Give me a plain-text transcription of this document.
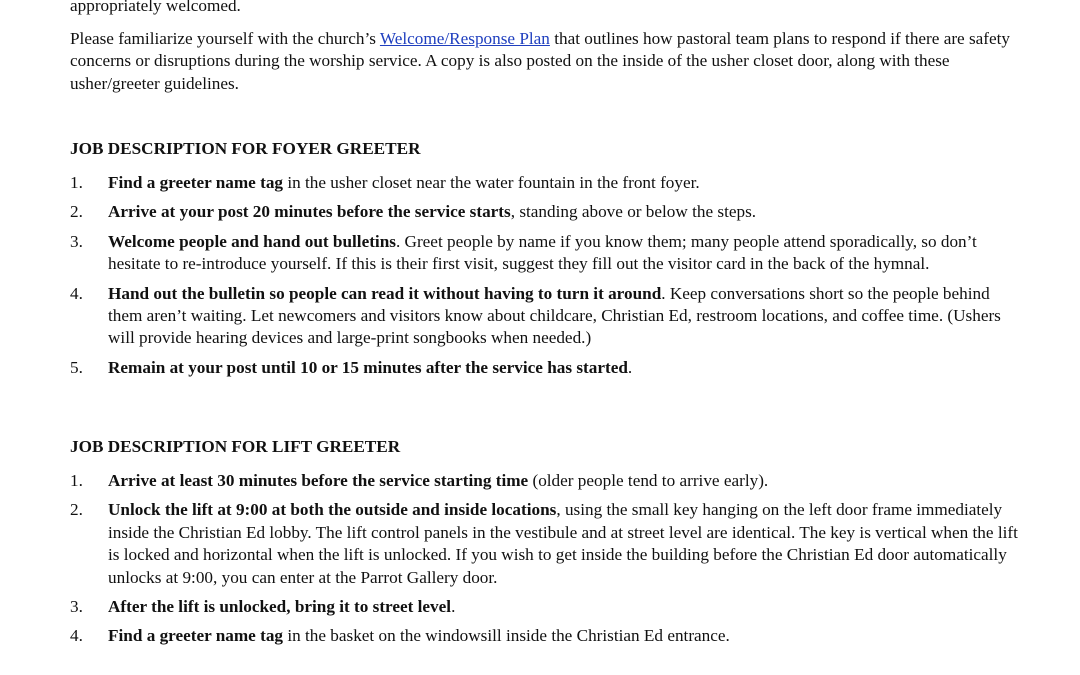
appropriately welcomed.

Please familiarize yourself with the church’s Welcome/Response Plan that outlines how pastoral team plans to respond if there are safety concerns or disruptions during the worship service. A copy is also posted on the inside of the usher closet door, along with these usher/greeter guidelines.

JOB DESCRIPTION FOR FOYER GREETER
1.	Find a greeter name tag in the usher closet near the water fountain in the front foyer.
2.	Arrive at your post 20 minutes before the service starts, standing above or below the steps.
3.	Welcome people and hand out bulletins. Greet people by name if you know them; many people attend sporadically, so don’t hesitate to re-introduce yourself. If this is their first visit, suggest they fill out the visitor card in the back of the hymnal.
4.	Hand out the bulletin so people can read it without having to turn it around. Keep conversations short so the people behind them aren’t waiting. Let newcomers and visitors know about childcare, Christian Ed, restroom locations, and coffee time. (Ushers will provide hearing devices and large-print songbooks when needed.)
5.	Remain at your post until 10 or 15 minutes after the service has started.
JOB DESCRIPTION FOR LIFT GREETER
1.	Arrive at least 30 minutes before the service starting time (older people tend to arrive early).
2.	Unlock the lift at 9:00 at both the outside and inside locations, using the small key hanging on the left door frame immediately inside the Christian Ed lobby. The lift control panels in the vestibule and at street level are identical. The key is vertical when the lift is locked and horizontal when the lift is unlocked. If you wish to get inside the building before the Christian Ed door automatically unlocks at 9:00, you can enter at the Parrot Gallery door.
3.	After the lift is unlocked, bring it to street level.
4.	Find a greeter name tag in the basket on the windowsill inside the Christian Ed entrance.
